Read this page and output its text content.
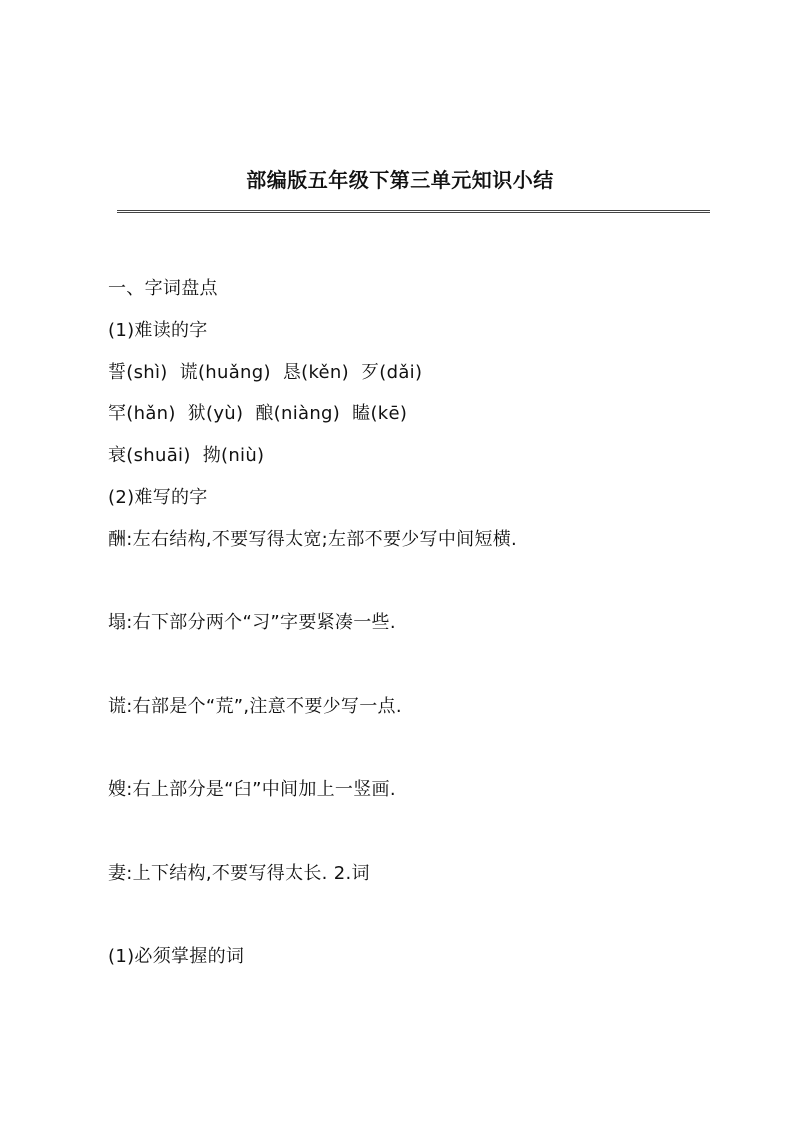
部编版五年级下第三单元知识小结
一、字词盘点
(1)难读的字
誓(shì)  谎(huǎng)  恳(kěn)  歹(dǎi)
罕(hǎn)  狱(yù)  酿(niàng)  瞌(kē)
衰(shuāi)  拗(niù)
(2)难写的字
酬:左右结构,不要写得太宽;左部不要少写中间短横.
塌:右下部分两个“习”字要紧凑一些.
谎:右部是个“荒”,注意不要少写一点.
嫂:右上部分是“臼”中间加上一竖画.
妻:上下结构,不要写得太长. 2.词
(1)必须掌握的词
